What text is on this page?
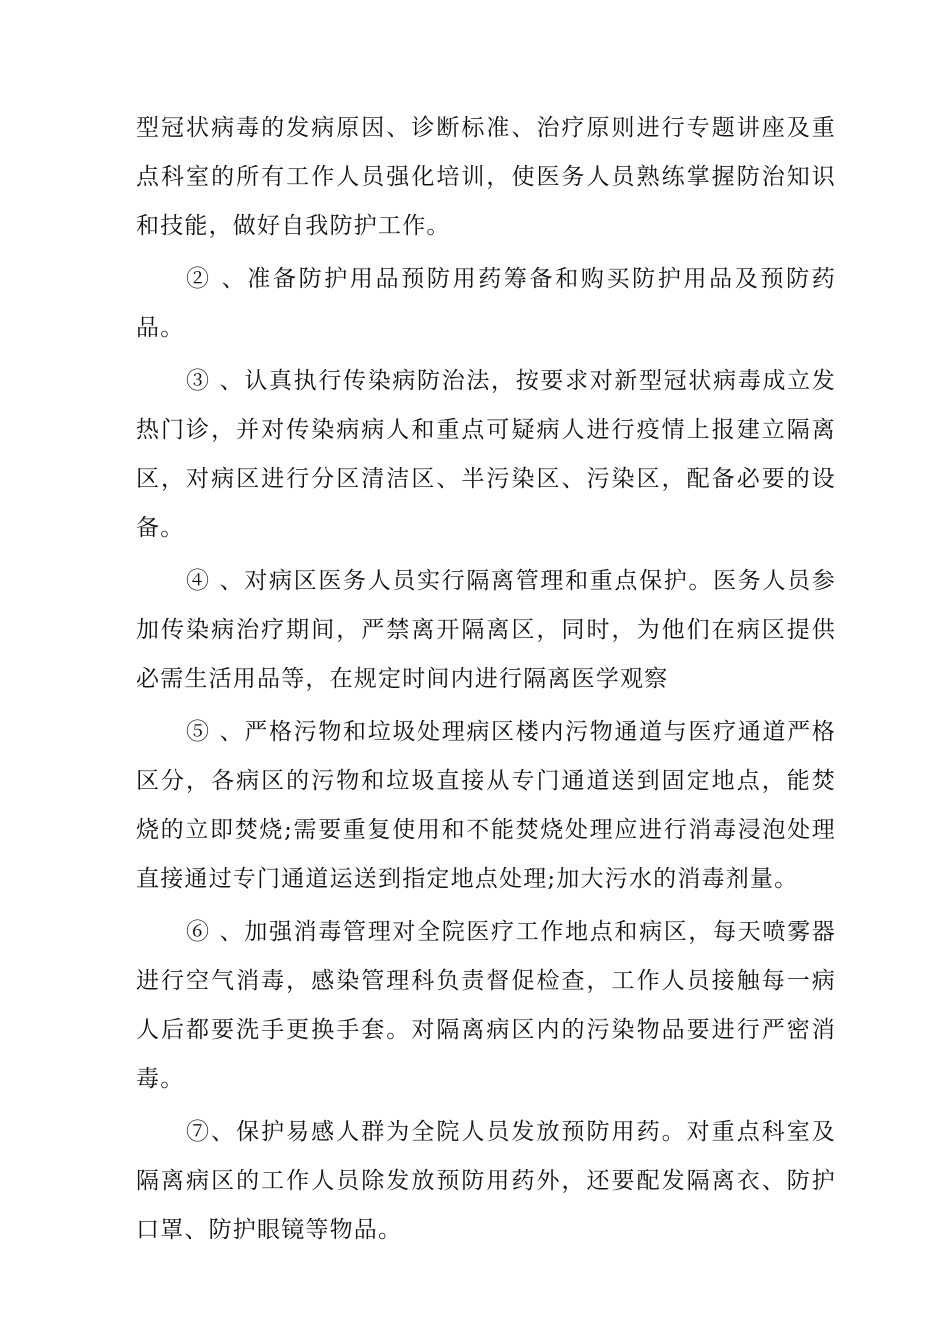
型冠状病毒的发病原因、诊断标准、治疗原则进行专题讲座及重点科室的所有工作人员强化培训，使医务人员熟练掌握防治知识和技能，做好自我防护工作。

② 、准备防护用品预防用药筹备和购买防护用品及预防药品。

③ 、认真执行传染病防治法，按要求对新型冠状病毒成立发热门诊，并对传染病病人和重点可疑病人进行疫情上报建立隔离区，对病区进行分区清洁区、半污染区、污染区，配备必要的设备。

④ 、对病区医务人员实行隔离管理和重点保护。医务人员参加传染病治疗期间，严禁离开隔离区，同时，为他们在病区提供必需生活用品等，在规定时间内进行隔离医学观察

⑤ 、严格污物和垃圾处理病区楼内污物通道与医疗通道严格区分，各病区的污物和垃圾直接从专门通道送到固定地点，能焚烧的立即焚烧;需要重复使用和不能焚烧处理应进行消毒浸泡处理直接通过专门通道运送到指定地点处理;加大污水的消毒剂量。

⑥ 、加强消毒管理对全院医疗工作地点和病区，每天喷雾器进行空气消毒，感染管理科负责督促检查，工作人员接触每一病人后都要洗手更换手套。对隔离病区内的污染物品要进行严密消毒。

⑦、保护易感人群为全院人员发放预防用药。对重点科室及隔离病区的工作人员除发放预防用药外，还要配发隔离衣、防护口罩、防护眼镜等物品。
